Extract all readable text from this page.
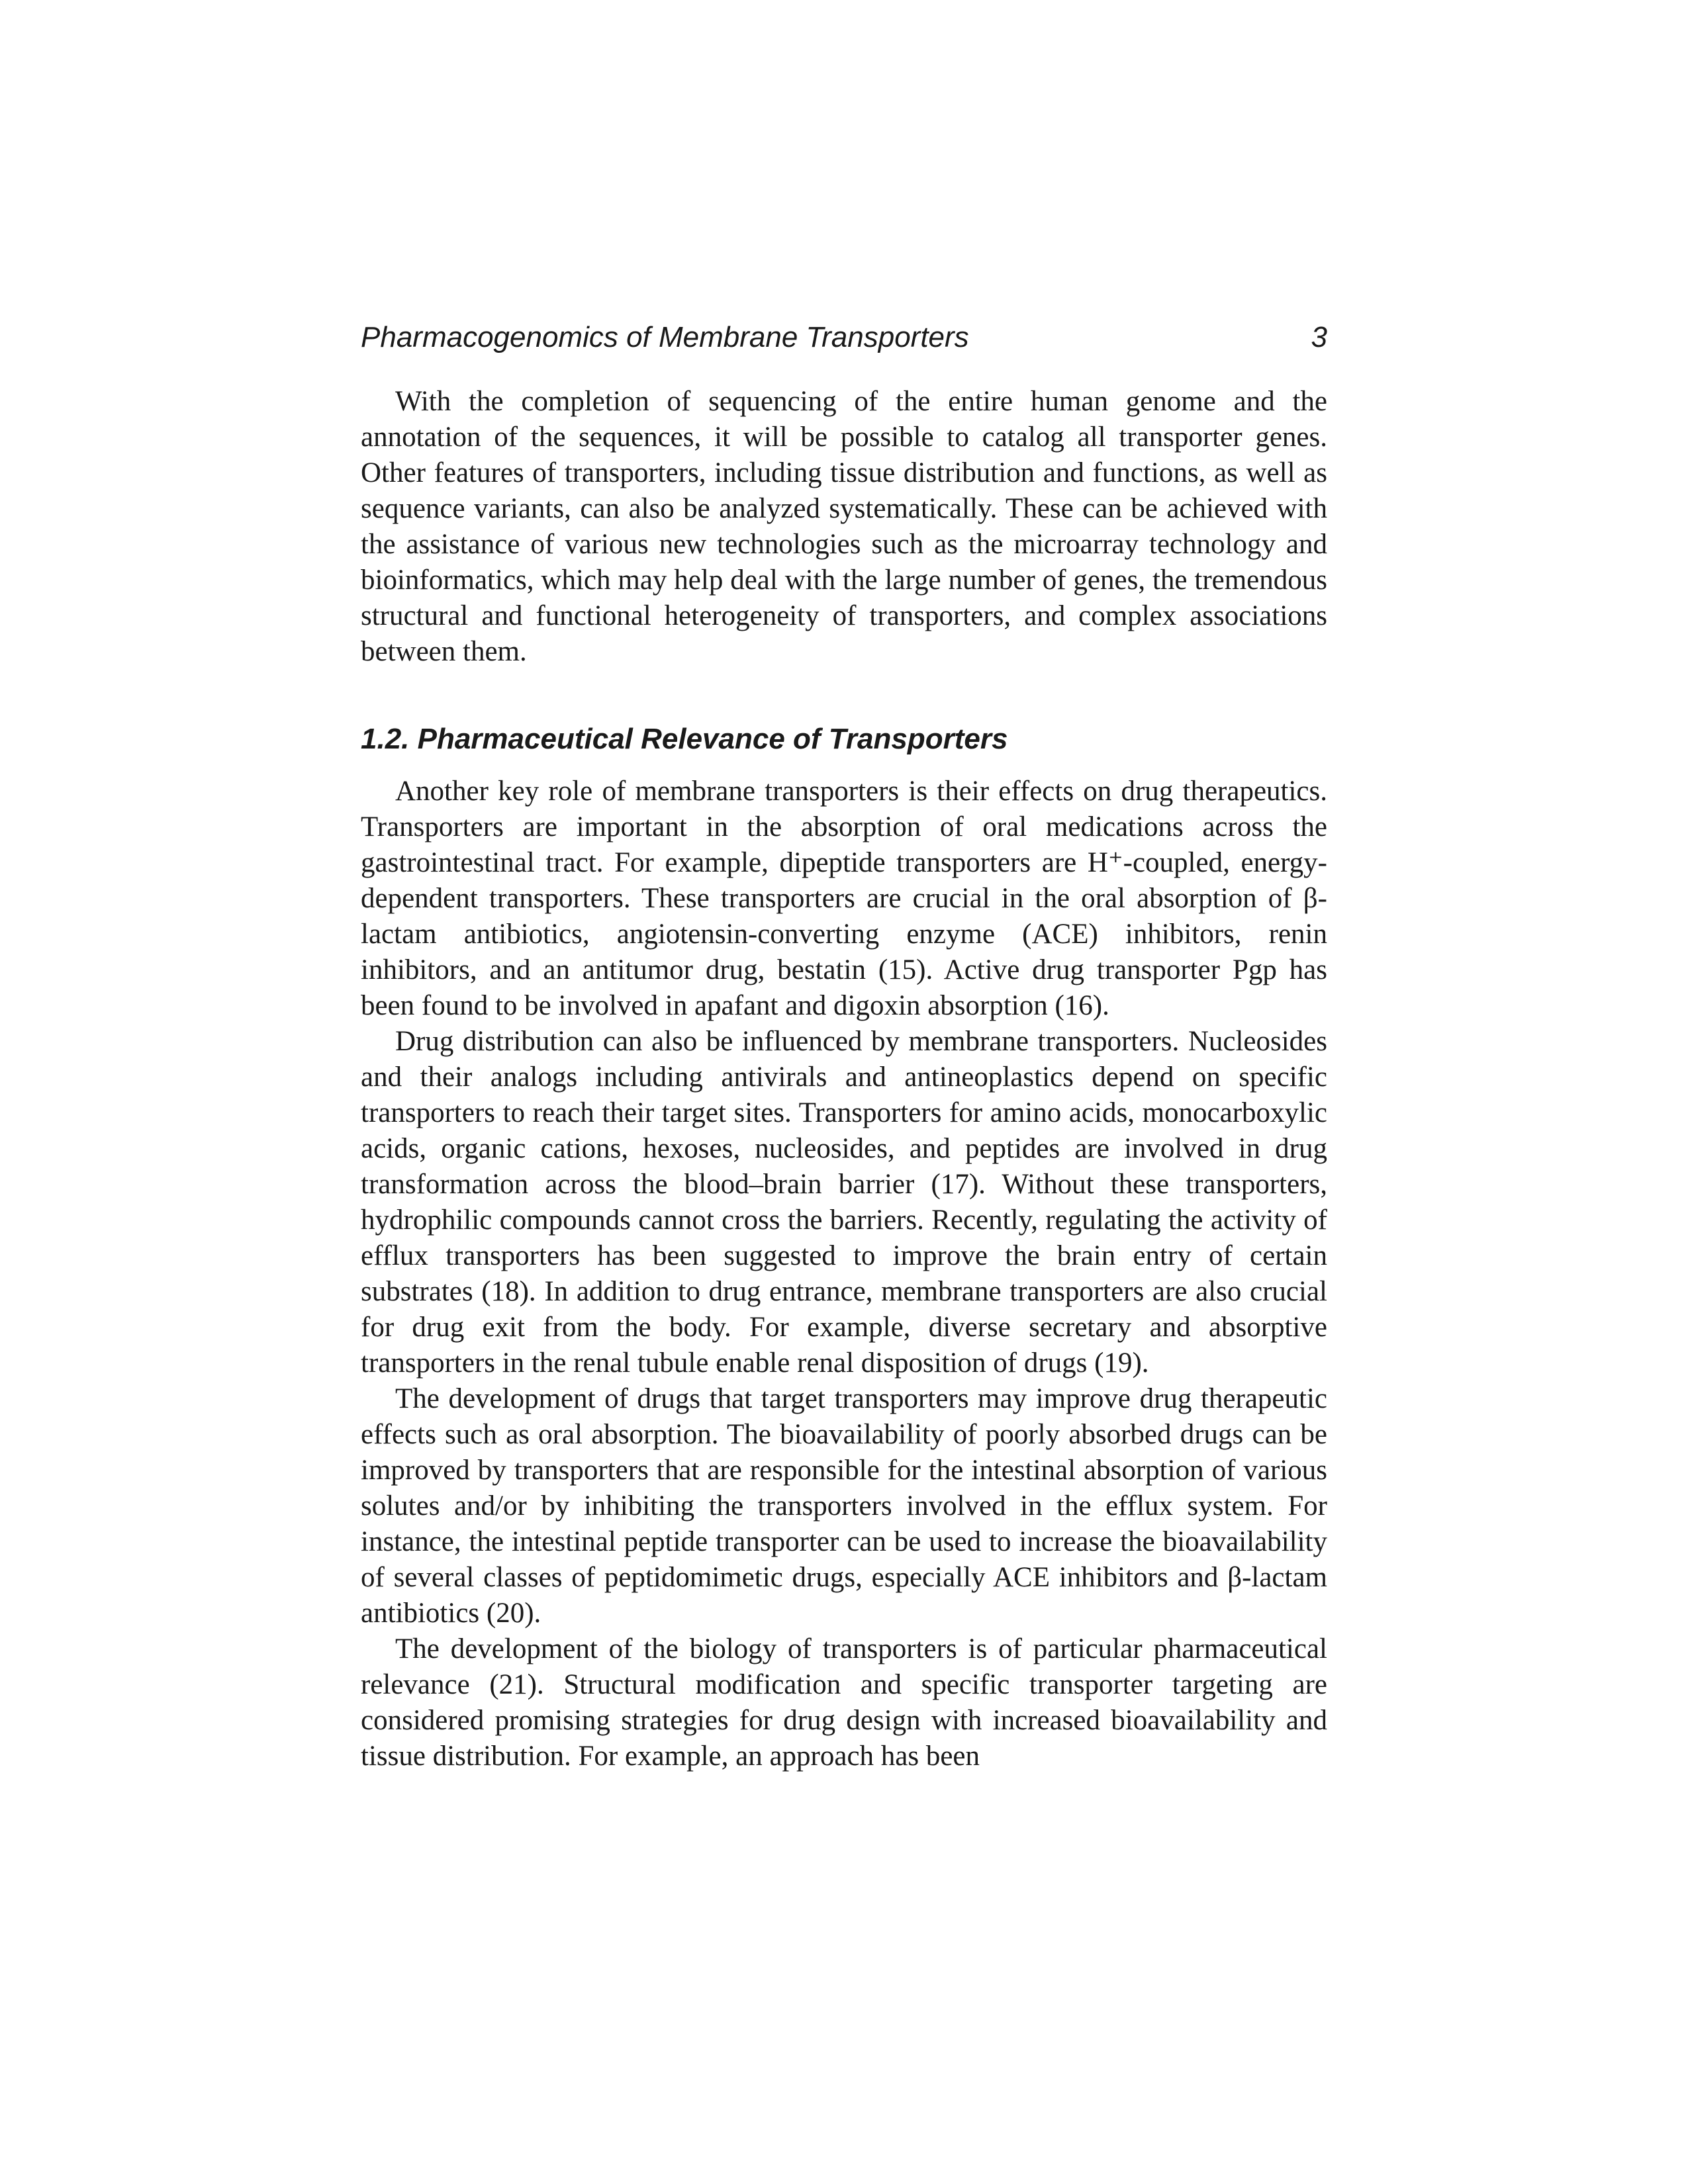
Pharmacogenomics of Membrane Transporters	3

With the completion of sequencing of the entire human genome and the annotation of the sequences, it will be possible to catalog all transporter genes. Other features of transporters, including tissue distribution and functions, as well as sequence variants, can also be analyzed systematically. These can be achieved with the assistance of various new technologies such as the microarray technology and bioinformatics, which may help deal with the large number of genes, the tremendous structural and functional heterogeneity of transporters, and complex associations between them.

1.2. Pharmaceutical Relevance of Transporters

Another key role of membrane transporters is their effects on drug therapeutics. Transporters are important in the absorption of oral medications across the gastrointestinal tract. For example, dipeptide transporters are H⁺-coupled, energy-dependent transporters. These transporters are crucial in the oral absorption of β-lactam antibiotics, angiotensin-converting enzyme (ACE) inhibitors, renin inhibitors, and an antitumor drug, bestatin (15). Active drug transporter Pgp has been found to be involved in apafant and digoxin absorption (16).

Drug distribution can also be influenced by membrane transporters. Nucleosides and their analogs including antivirals and antineoplastics depend on specific transporters to reach their target sites. Transporters for amino acids, monocarboxylic acids, organic cations, hexoses, nucleosides, and peptides are involved in drug transformation across the blood–brain barrier (17). Without these transporters, hydrophilic compounds cannot cross the barriers. Recently, regulating the activity of efflux transporters has been suggested to improve the brain entry of certain substrates (18). In addition to drug entrance, membrane transporters are also crucial for drug exit from the body. For example, diverse secretary and absorptive transporters in the renal tubule enable renal disposition of drugs (19).

The development of drugs that target transporters may improve drug therapeutic effects such as oral absorption. The bioavailability of poorly absorbed drugs can be improved by transporters that are responsible for the intestinal absorption of various solutes and/or by inhibiting the transporters involved in the efflux system. For instance, the intestinal peptide transporter can be used to increase the bioavailability of several classes of peptidomimetic drugs, especially ACE inhibitors and β-lactam antibiotics (20).

The development of the biology of transporters is of particular pharmaceutical relevance (21). Structural modification and specific transporter targeting are considered promising strategies for drug design with increased bioavailability and tissue distribution. For example, an approach has been
